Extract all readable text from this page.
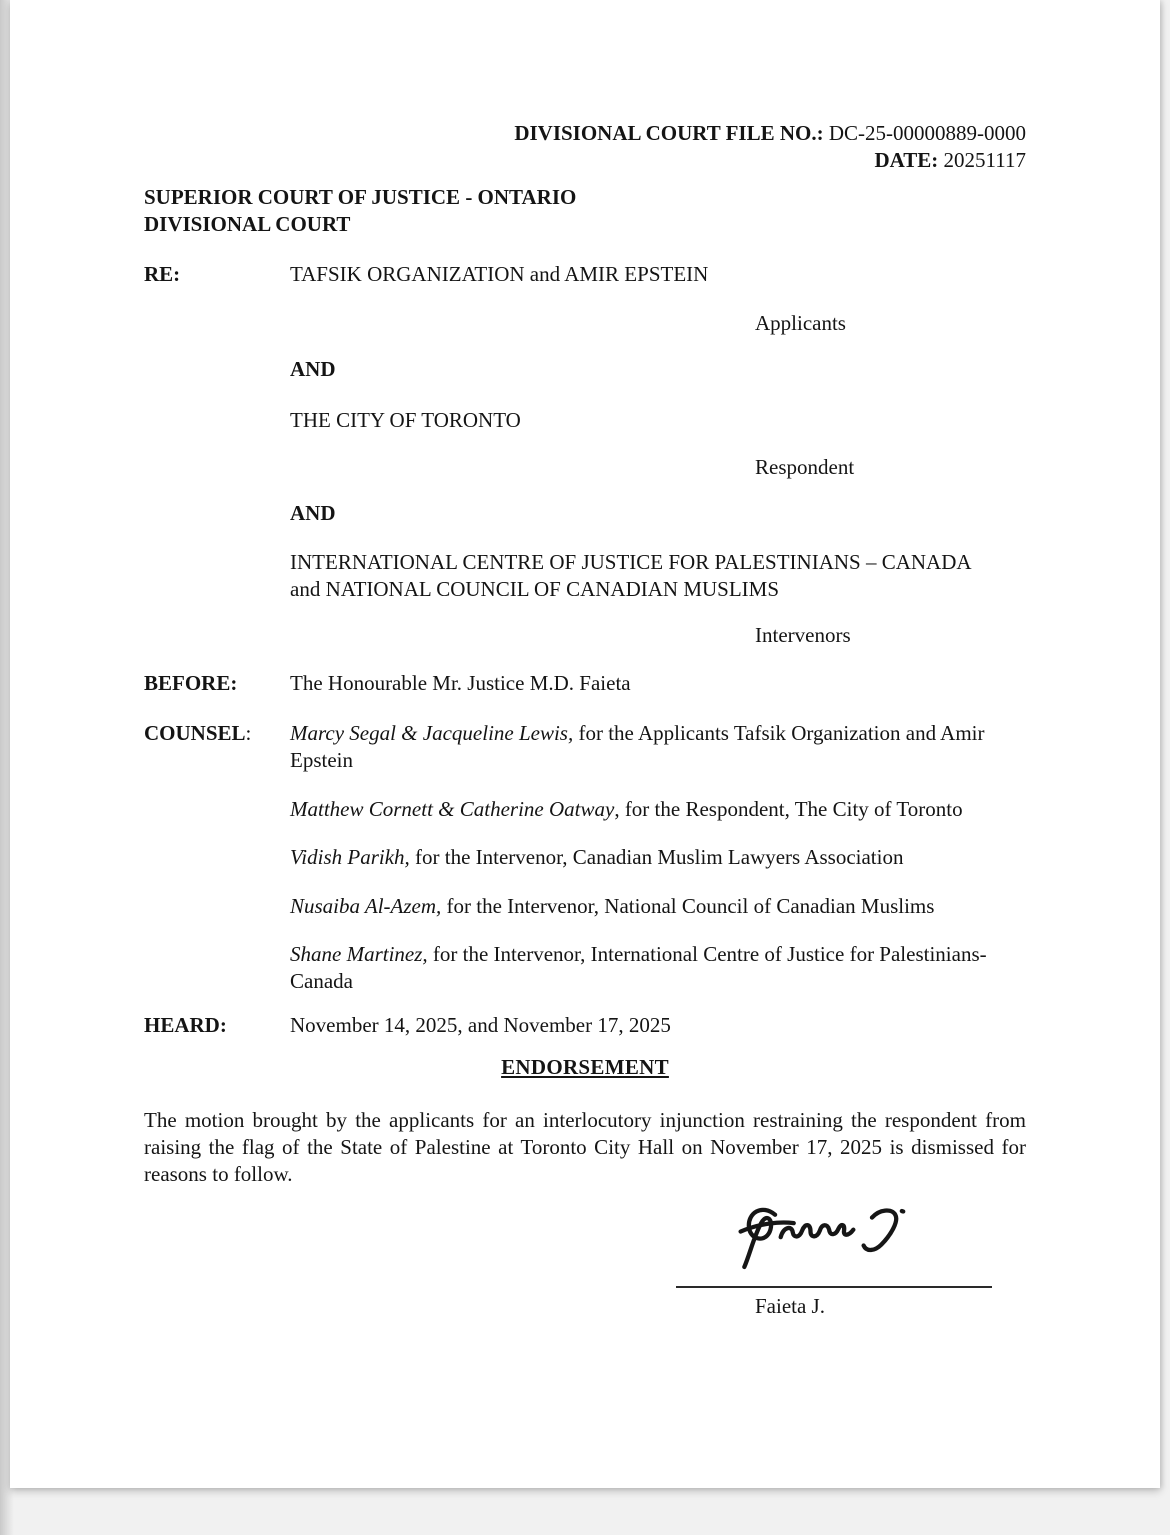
DIVISIONAL COURT FILE NO.: DC-25-00000889-0000
DATE: 20251117
SUPERIOR COURT OF JUSTICE - ONTARIO
DIVISIONAL COURT
RE:	TAFSIK ORGANIZATION and AMIR EPSTEIN
Applicants
AND
THE CITY OF TORONTO
Respondent
AND
INTERNATIONAL CENTRE OF JUSTICE FOR PALESTINIANS – CANADA
and NATIONAL COUNCIL OF CANADIAN MUSLIMS
Intervenors
BEFORE:	The Honourable Mr. Justice M.D. Faieta
COUNSEL:	Marcy Segal & Jacqueline Lewis, for the Applicants Tafsik Organization and Amir Epstein
Matthew Cornett & Catherine Oatway, for the Respondent, The City of Toronto
Vidish Parikh, for the Intervenor, Canadian Muslim Lawyers Association
Nusaiba Al-Azem, for the Intervenor, National Council of Canadian Muslims
Shane Martinez, for the Intervenor, International Centre of Justice for Palestinians-Canada
HEARD:	November 14, 2025, and November 17, 2025
ENDORSEMENT
The motion brought by the applicants for an interlocutory injunction restraining the respondent from raising the flag of the State of Palestine at Toronto City Hall on November 17, 2025 is dismissed for reasons to follow.
Faieta J.
